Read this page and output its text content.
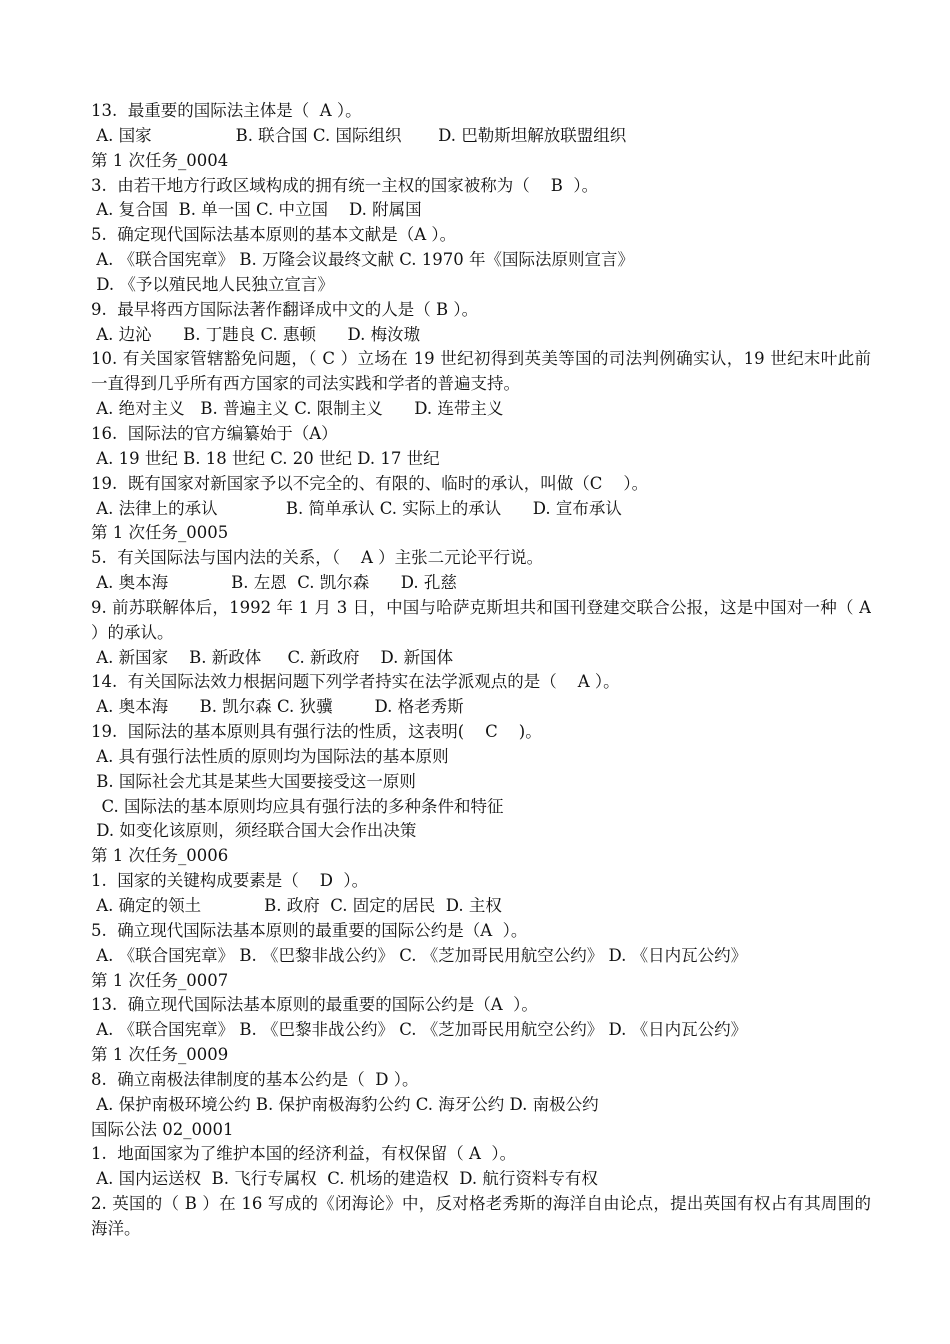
13.  最重要的国际法主体是（  A ）。
A. 国家                B. 联合国 C. 国际组织       D. 巴勒斯坦解放联盟组织
第 1 次任务_0004
3.  由若干地方行政区域构成的拥有统一主权的国家被称为（    B  ）。
A. 复合国  B. 单一国 C. 中立国    D. 附属国
5.  确定现代国际法基本原则的基本文献是（A ）。
A. 《联合国宪章》 B. 万隆会议最终文献 C. 1970 年《国际法原则宣言》
D. 《予以殖民地人民独立宣言》
9.  最早将西方国际法著作翻译成中文的人是（ B ）。
A. 边沁      B. 丁韪良 C. 惠顿      D. 梅汝璈
10. 有关国家管辖豁免问题，（ C ）立场在 19 世纪初得到英美等国的司法判例确实认，19 世纪末叶此前一直得到几乎所有西方国家的司法实践和学者的普遍支持。
A. 绝对主义   B. 普遍主义 C. 限制主义      D. 连带主义
16.  国际法的官方编纂始于（A）
A. 19 世纪 B. 18 世纪 C. 20 世纪 D. 17 世纪
19.  既有国家对新国家予以不完全的、有限的、临时的承认，叫做（C    ）。
A. 法律上的承认             B. 简单承认 C. 实际上的承认      D. 宣布承认
第 1 次任务_0005
5.  有关国际法与国内法的关系，（    A ）主张二元论平行说。
A. 奥本海            B. 左恩  C. 凯尔森      D. 孔慈
9. 前苏联解体后，1992 年 1 月 3 日，中国与哈萨克斯坦共和国刊登建交联合公报，这是中国对一种（ A ）的承认。
A. 新国家    B. 新政体     C. 新政府    D. 新国体
14.  有关国际法效力根据问题下列学者持实在法学派观点的是（    A ）。
A. 奥本海      B. 凯尔森 C. 狄骥        D. 格老秀斯
19.  国际法的基本原则具有强行法的性质，这表明(    C    )。
A. 具有强行法性质的原则均为国际法的基本原则
B. 国际社会尤其是某些大国要接受这一原则
C. 国际法的基本原则均应具有强行法的多种条件和特征
D. 如变化该原则，须经联合国大会作出决策
第 1 次任务_0006
1.  国家的关键构成要素是（    D  ）。
A. 确定的领土            B. 政府  C. 固定的居民  D. 主权
5.  确立现代国际法基本原则的最重要的国际公约是（A  ）。
A. 《联合国宪章》 B. 《巴黎非战公约》 C. 《芝加哥民用航空公约》 D. 《日内瓦公约》
第 1 次任务_0007
13.  确立现代国际法基本原则的最重要的国际公约是（A  ）。
A. 《联合国宪章》 B. 《巴黎非战公约》 C. 《芝加哥民用航空公约》 D. 《日内瓦公约》
第 1 次任务_0009
8.  确立南极法律制度的基本公约是（  D ）。
A. 保护南极环境公约 B. 保护南极海豹公约 C. 海牙公约 D. 南极公约
国际公法 02_0001
1.  地面国家为了维护本国的经济利益，有权保留（ A  ）。
A. 国内运送权  B. 飞行专属权  C. 机场的建造权  D. 航行资料专有权
2. 英国的（ B ）在 16 写成的《闭海论》中，反对格老秀斯的海洋自由论点，提出英国有权占有其周围的海洋。
